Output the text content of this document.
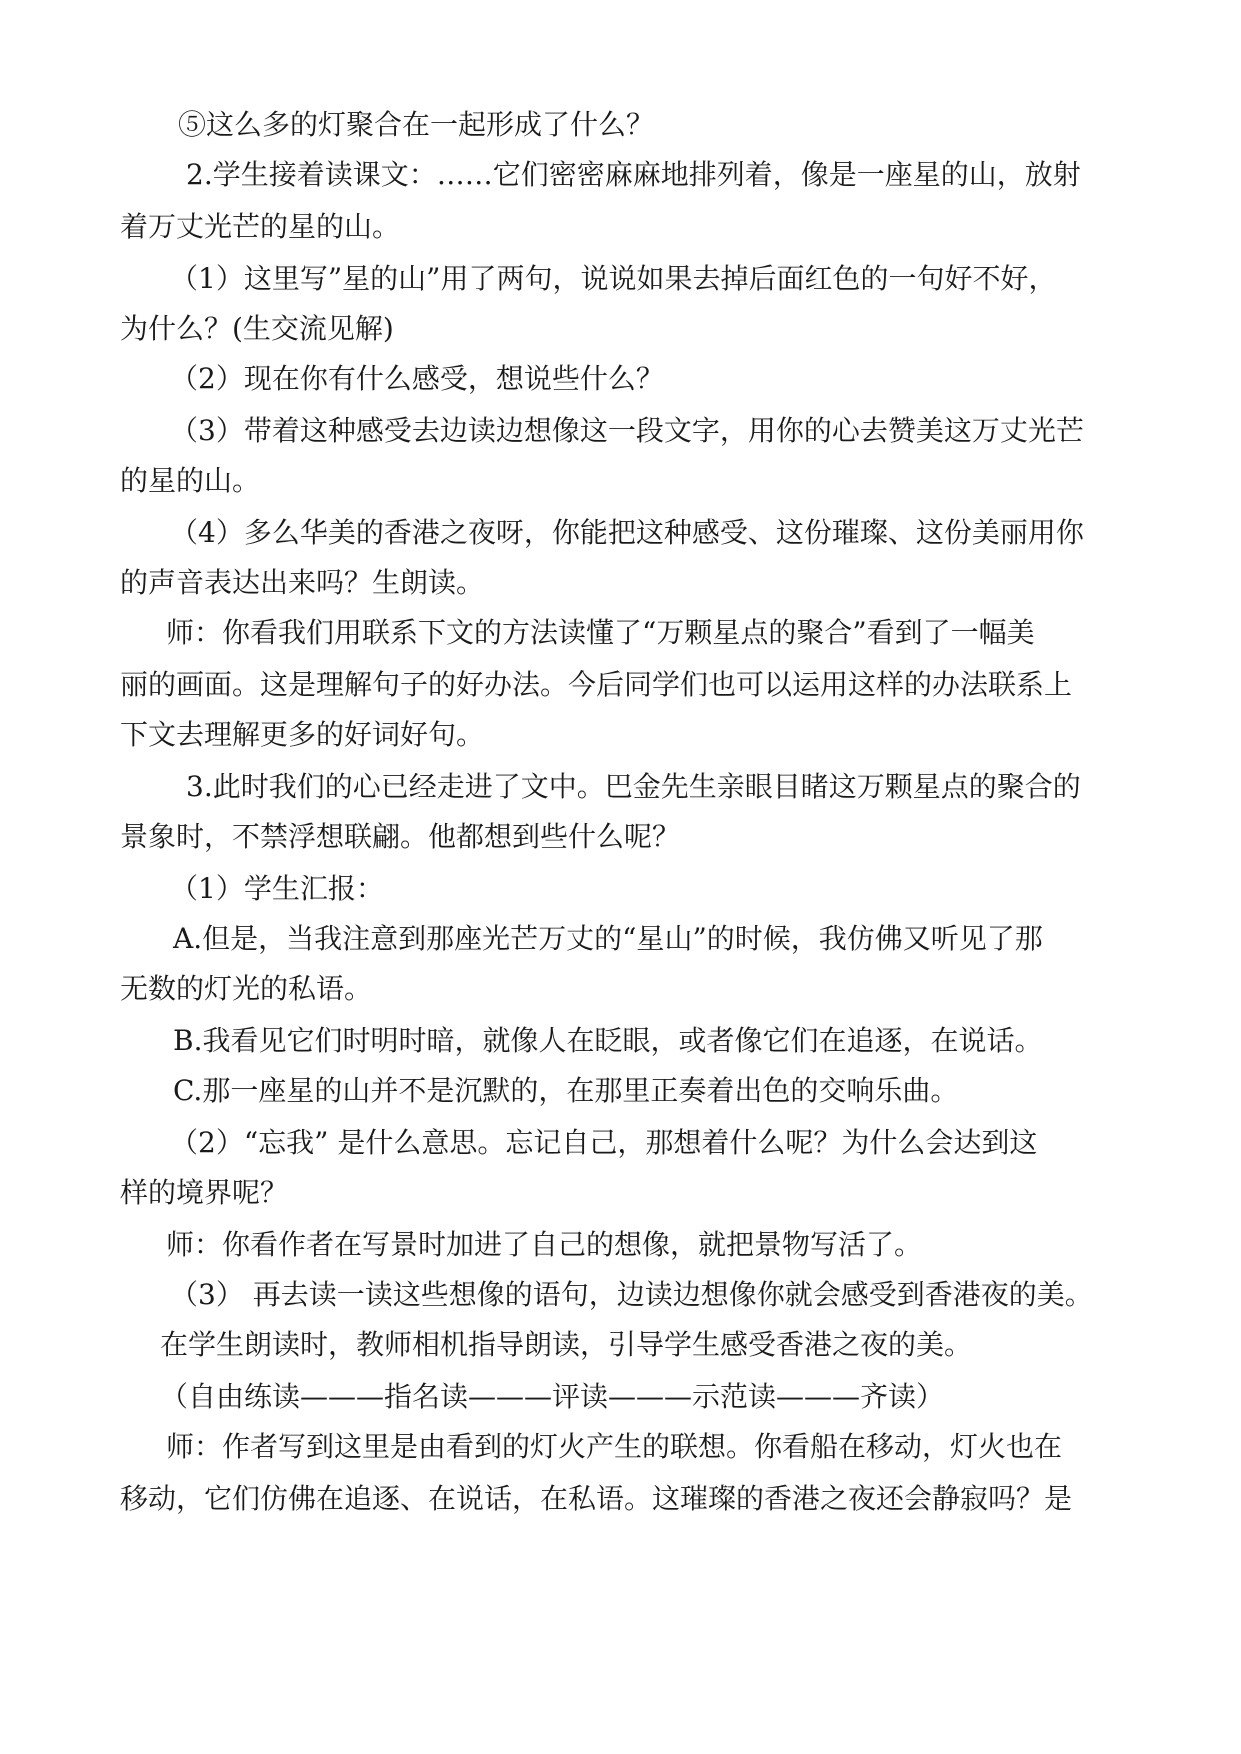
⑤这么多的灯聚合在一起形成了什么？
2.学生接着读课文：……它们密密麻麻地排列着，像是一座星的山，放射
着万丈光芒的星的山。
（1）这里写”星的山”用了两句，说说如果去掉后面红色的一句好不好，
为什么？(生交流见解)
（2）现在你有什么感受，想说些什么？
（3）带着这种感受去边读边想像这一段文字，用你的心去赞美这万丈光芒
的星的山。
（4）多么华美的香港之夜呀，你能把这种感受、这份璀璨、这份美丽用你
的声音表达出来吗？生朗读。
师：你看我们用联系下文的方法读懂了“万颗星点的聚合”看到了一幅美
丽的画面。这是理解句子的好办法。今后同学们也可以运用这样的办法联系上
下文去理解更多的好词好句。
3.此时我们的心已经走进了文中。巴金先生亲眼目睹这万颗星点的聚合的
景象时，不禁浮想联翩。他都想到些什么呢？
（1）学生汇报：
A.但是，当我注意到那座光芒万丈的“星山”的时候，我仿佛又听见了那
无数的灯光的私语。
B.我看见它们时明时暗，就像人在眨眼，或者像它们在追逐，在说话。
C.那一座星的山并不是沉默的，在那里正奏着出色的交响乐曲。
（2）“忘我” 是什么意思。忘记自己，那想着什么呢？为什么会达到这
样的境界呢？
师：你看作者在写景时加进了自己的想像，就把景物写活了。
（3） 再去读一读这些想像的语句，边读边想像你就会感受到香港夜的美。
在学生朗读时，教师相机指导朗读，引导学生感受香港之夜的美。
（自由练读———指名读———评读———示范读———齐读）
师：作者写到这里是由看到的灯火产生的联想。你看船在移动，灯火也在
移动，它们仿佛在追逐、在说话，在私语。这璀璨的香港之夜还会静寂吗？是
